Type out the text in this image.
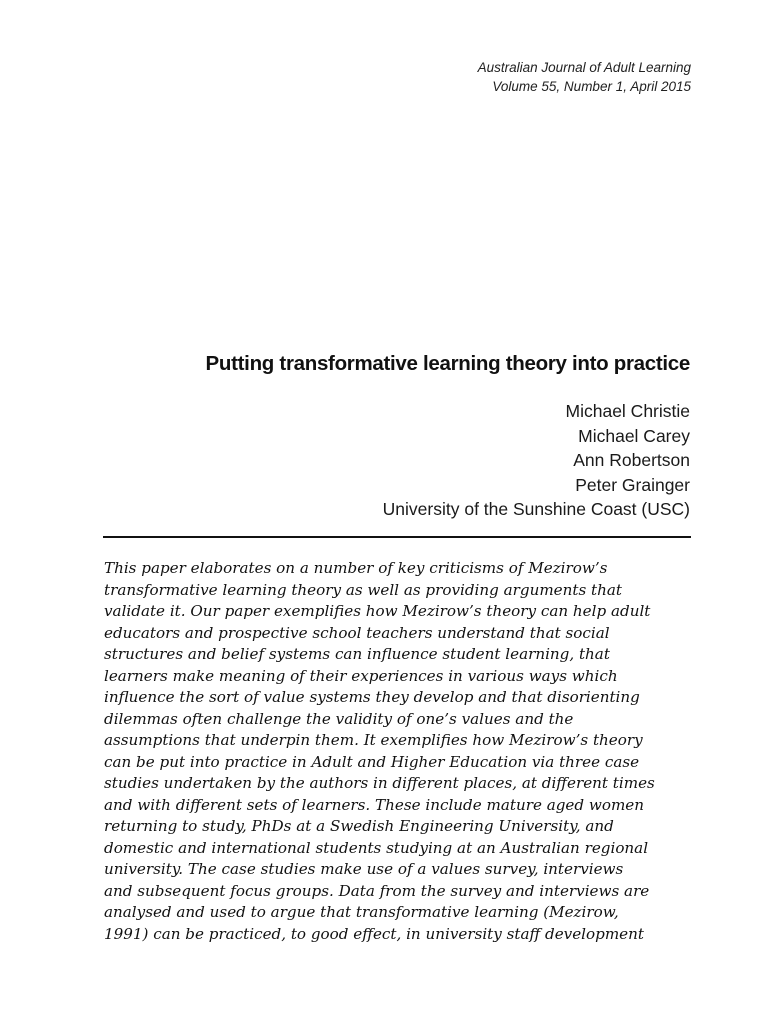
Australian Journal of Adult Learning
Volume 55, Number 1, April 2015
Putting transformative learning theory into practice
Michael Christie
Michael Carey
Ann Robertson
Peter Grainger
University of the Sunshine Coast (USC)
This paper elaborates on a number of key criticisms of Mezirow’s
transformative learning theory as well as providing arguments that
validate it. Our paper exemplifies how Mezirow’s theory can help adult
educators and prospective school teachers understand that social
structures and belief systems can influence student learning, that
learners make meaning of their experiences in various ways which
influence the sort of value systems they develop and that disorienting
dilemmas often challenge the validity of one’s values and the
assumptions that underpin them. It exemplifies how Mezirow’s theory
can be put into practice in Adult and Higher Education via three case
studies undertaken by the authors in different places, at different times
and with different sets of learners. These include mature aged women
returning to study, PhDs at a Swedish Engineering University, and
domestic and international students studying at an Australian regional
university. The case studies make use of a values survey, interviews
and subsequent focus groups. Data from the survey and interviews are
analysed and used to argue that transformative learning (Mezirow,
1991) can be practiced, to good effect, in university staff development
